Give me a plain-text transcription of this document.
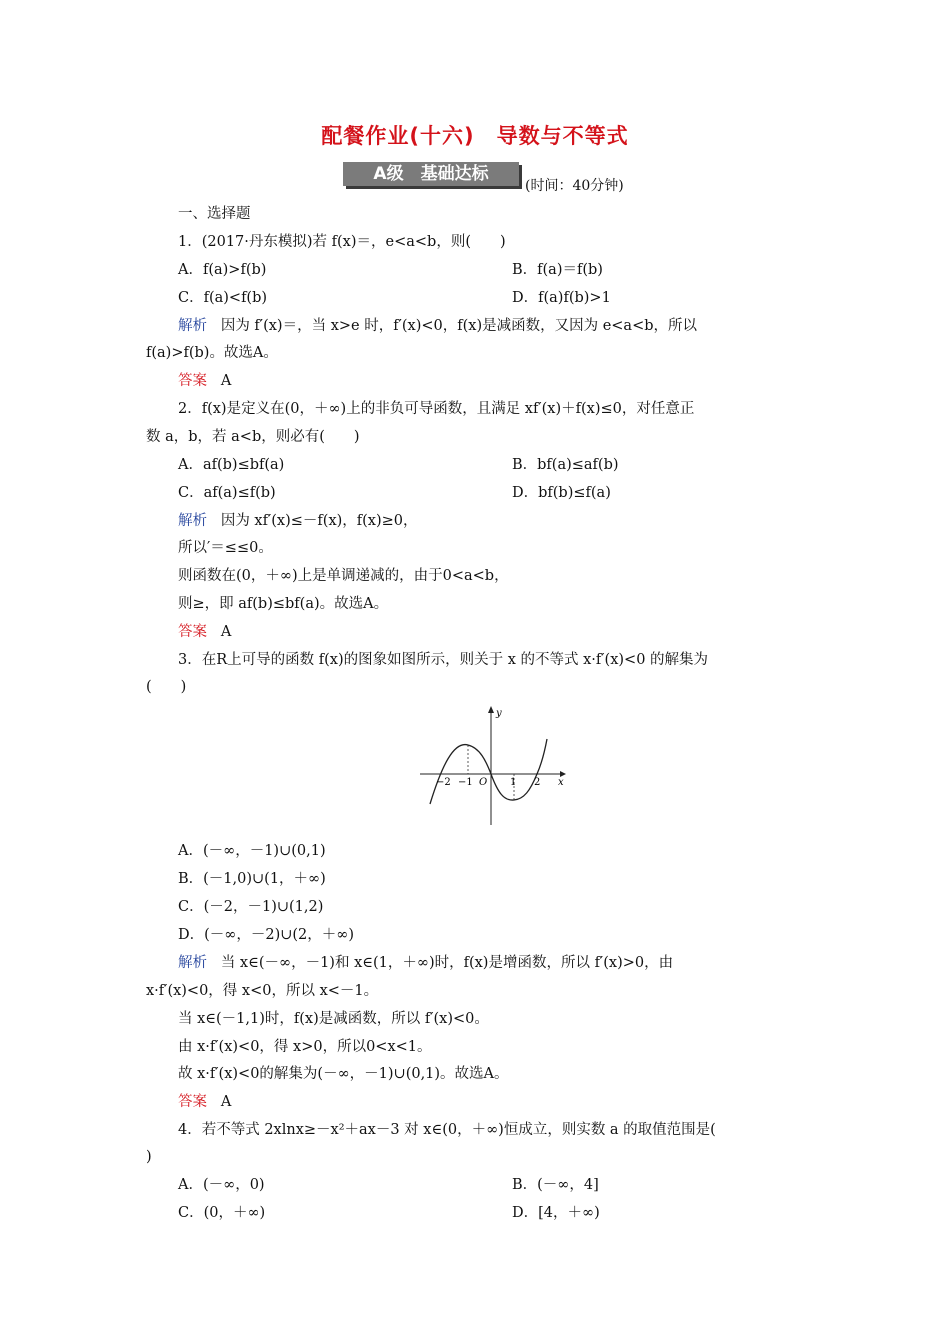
配餐作业(十六)　导数与不等式
A级　基础达标
(时间：40分钟)
一、选择题
1．(2017·丹东模拟)若 f(x)＝，e<a<b，则(　　)
A．f(a)>f(b)	B．f(a)＝f(b)
C．f(a)<f(b)	D．f(a)f(b)>1
解析 因为 f′(x)＝，当 x>e 时，f′(x)<0，f(x)是减函数，又因为 e<a<b，所以
f(a)>f(b)。故选A。
答案 A
2．f(x)是定义在(0，＋∞)上的非负可导函数，且满足 xf′(x)＋f(x)≤0，对任意正
数 a，b，若 a<b，则必有(　　)
A．af(b)≤bf(a)	B．bf(a)≤af(b)
C．af(a)≤f(b)	D．bf(b)≤f(a)
解析 因为 xf′(x)≤－f(x)，f(x)≥0，
所以′＝≤≤0。
则函数在(0，＋∞)上是单调递减的，由于0<a<b，
则≥，即 af(b)≤bf(a)。故选A。
答案 A
3．在R上可导的函数 f(x)的图象如图所示，则关于 x 的不等式 x·f′(x)<0 的解集为
(　　)
y
x
−2 −1 O 1 2
A．(－∞，－1)∪(0,1)
B．(－1,0)∪(1，＋∞)
C．(－2，－1)∪(1,2)
D．(－∞，－2)∪(2，＋∞)
解析 当 x∈(－∞，－1)和 x∈(1，＋∞)时，f(x)是增函数，所以 f′(x)>0，由
x·f′(x)<0，得 x<0，所以 x<－1。
当 x∈(－1,1)时，f(x)是减函数，所以 f′(x)<0。
由 x·f′(x)<0，得 x>0，所以0<x<1。
故 x·f′(x)<0的解集为(－∞，－1)∪(0,1)。故选A。
答案 A
4．若不等式 2xlnx≥－x²＋ax－3 对 x∈(0，＋∞)恒成立，则实数 a 的取值范围是(
)
A．(－∞，0)	B．(－∞，4]
C．(0，＋∞)	D．[4，＋∞)
